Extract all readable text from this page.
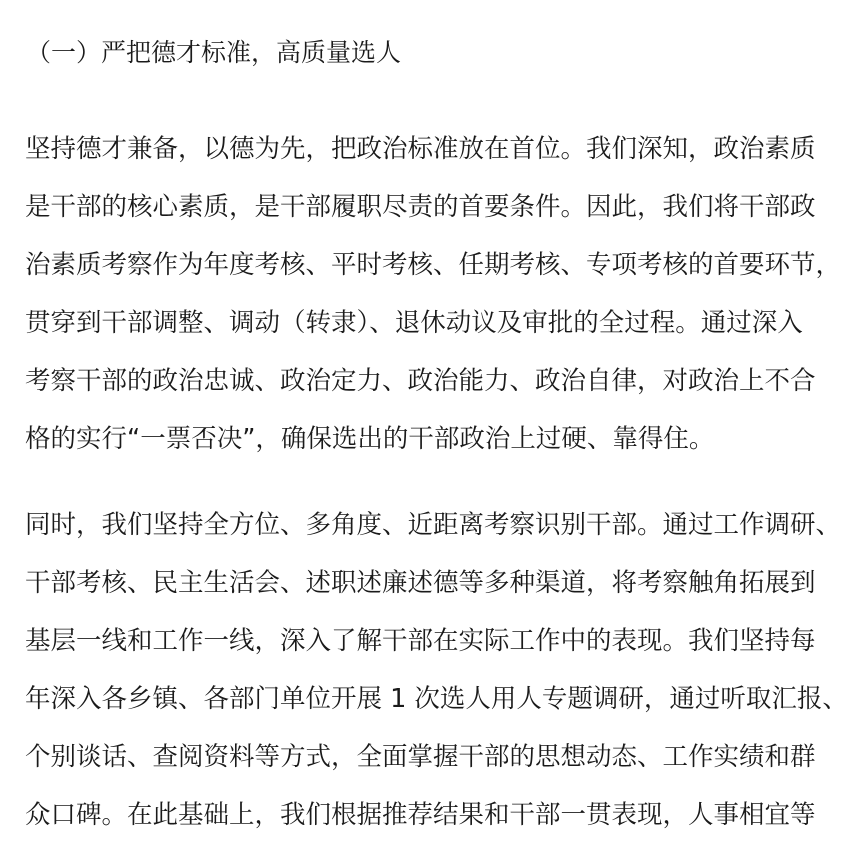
（一）严把德才标准，高质量选人
坚持德才兼备，以德为先，把政治标准放在首位。我们深知，政治素质
是干部的核心素质，是干部履职尽责的首要条件。因此，我们将干部政
治素质考察作为年度考核、平时考核、任期考核、专项考核的首要环节，
贯穿到干部调整、调动（转隶）、退休动议及审批的全过程。通过深入
考察干部的政治忠诚、政治定力、政治能力、政治自律，对政治上不合
格的实行“一票否决”，确保选出的干部政治上过硬、靠得住。
同时，我们坚持全方位、多角度、近距离考察识别干部。通过工作调研、
干部考核、民主生活会、述职述廉述德等多种渠道，将考察触角拓展到
基层一线和工作一线，深入了解干部在实际工作中的表现。我们坚持每
年深入各乡镇、各部门单位开展 1 次选人用人专题调研，通过听取汇报、
个别谈话、查阅资料等方式，全面掌握干部的思想动态、工作实绩和群
众口碑。在此基础上，我们根据推荐结果和干部一贯表现，人事相宜等
